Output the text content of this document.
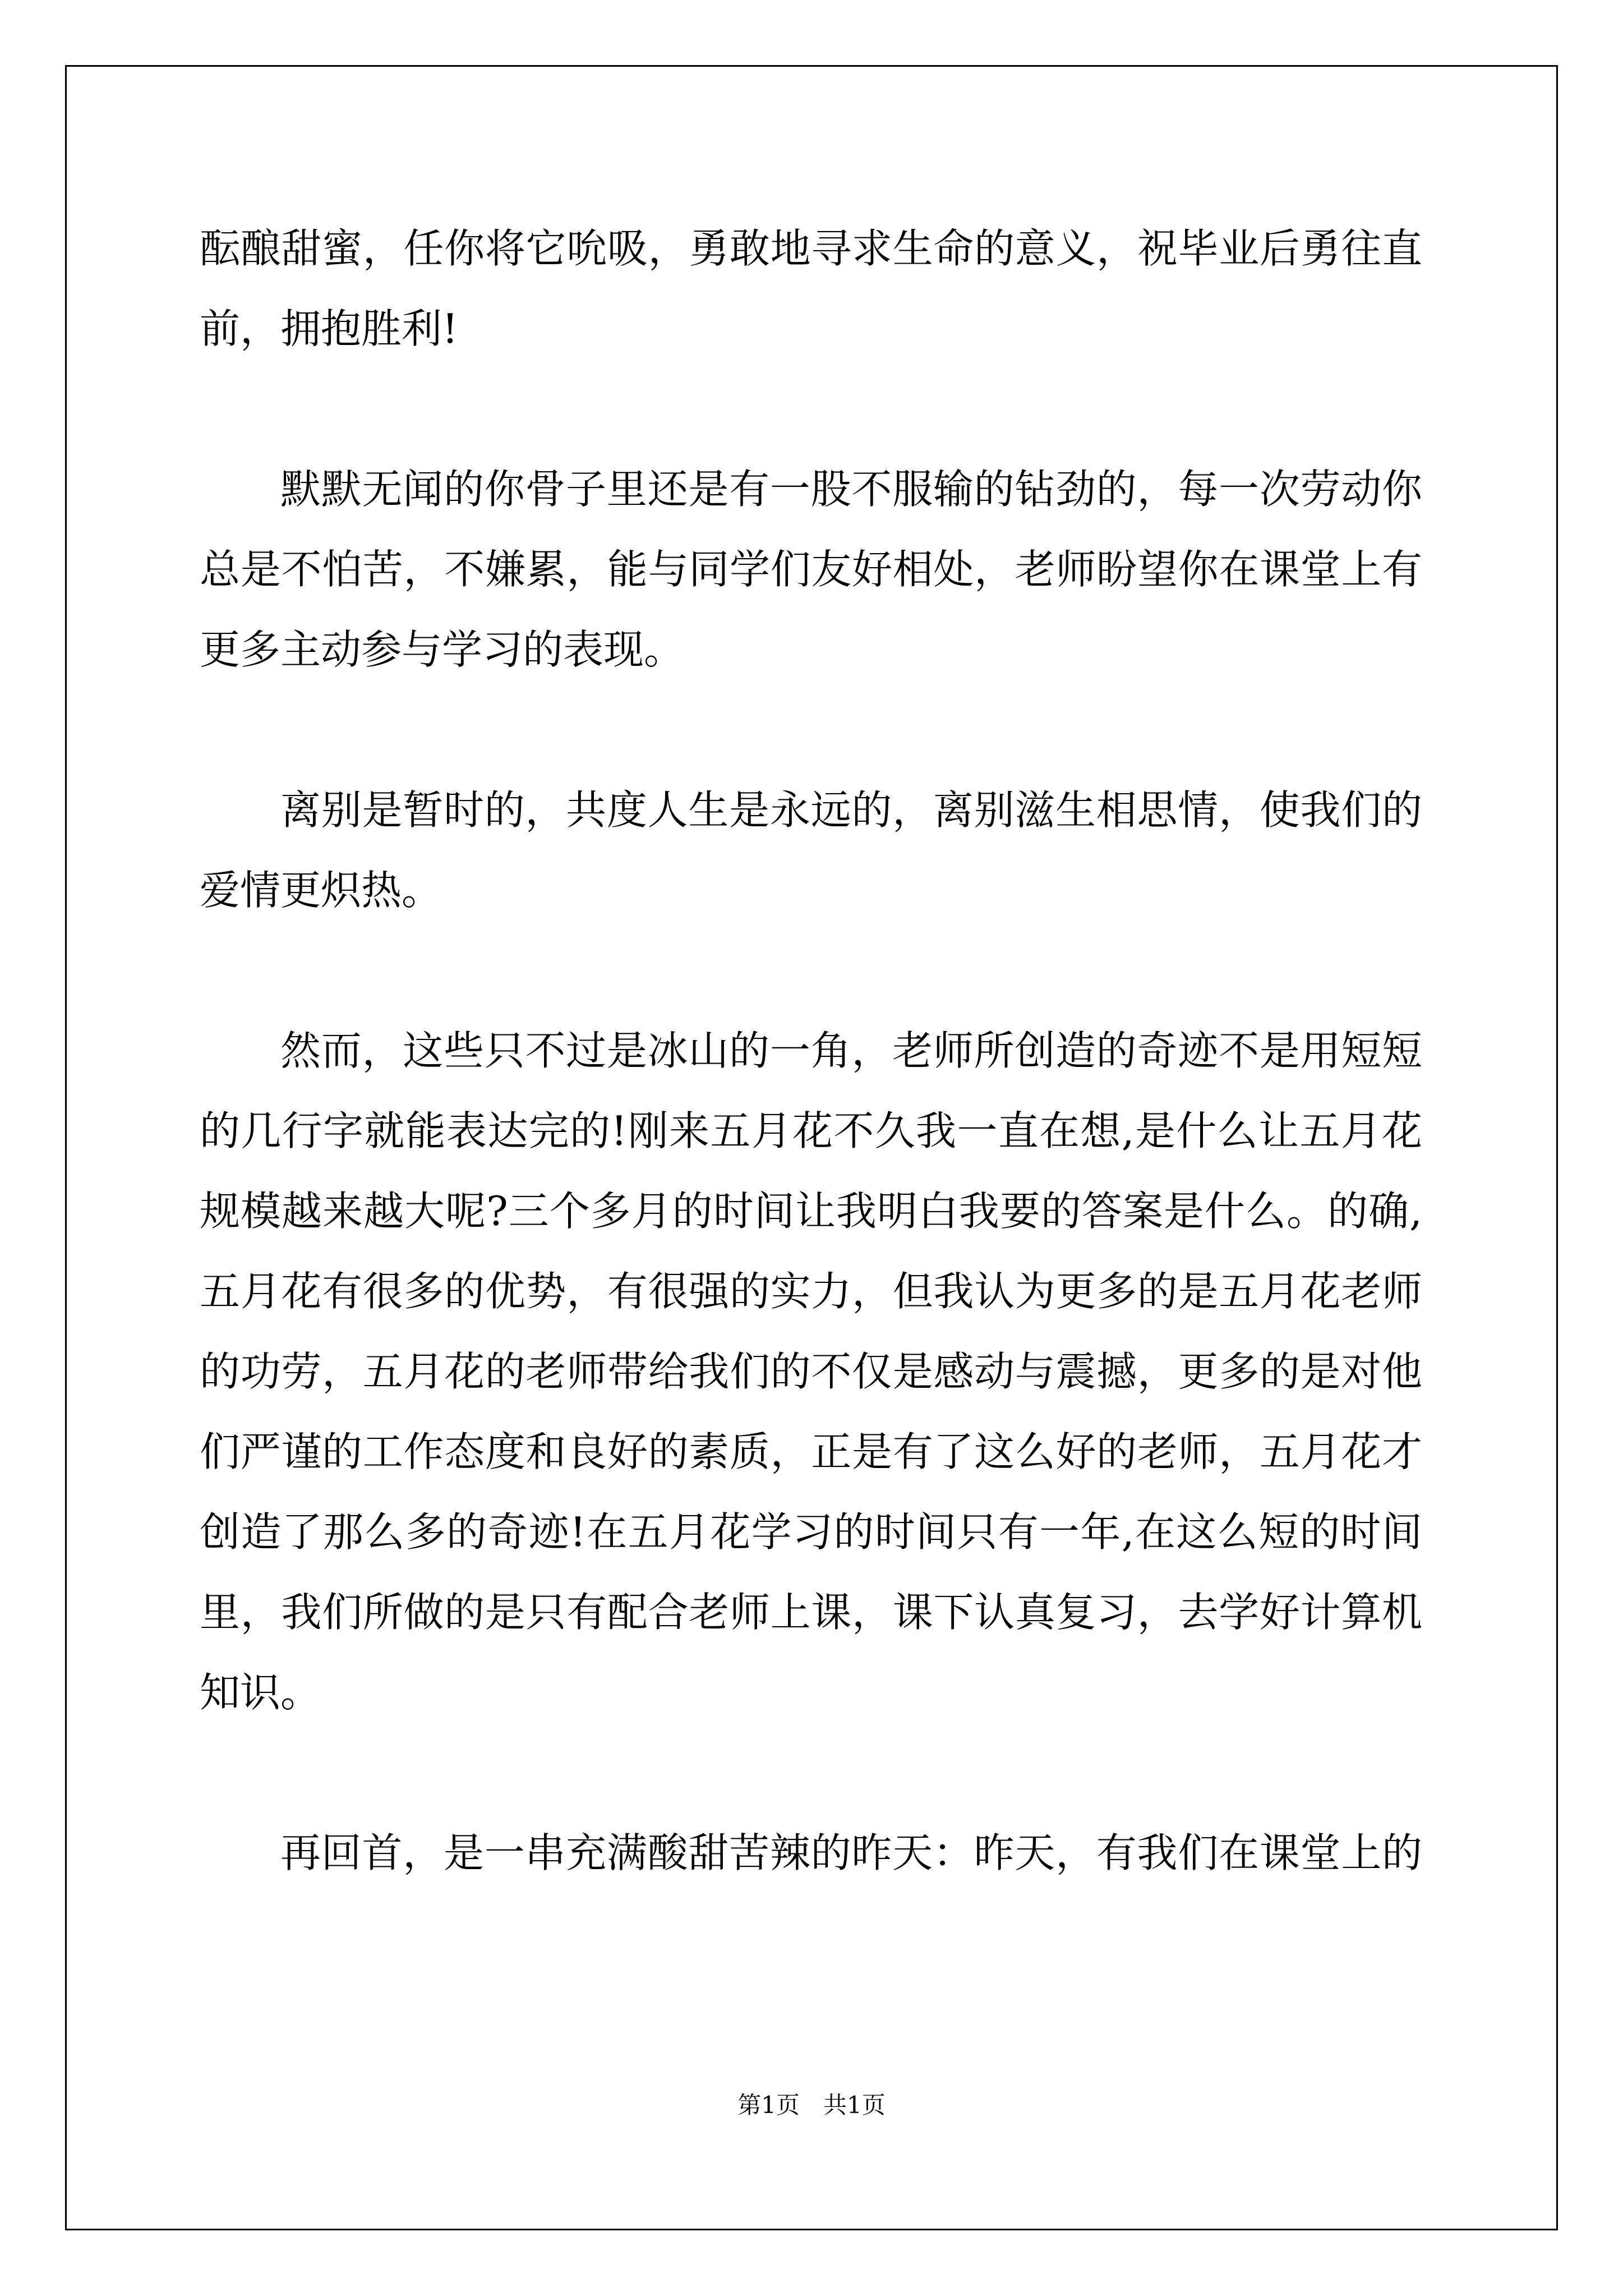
酝酿甜蜜，任你将它吮吸，勇敢地寻求生命的意义，祝毕业后勇往直
前，拥抱胜利!
默默无闻的你骨子里还是有一股不服输的钻劲的，每一次劳动你
总是不怕苦，不嫌累，能与同学们友好相处，老师盼望你在课堂上有
更多主动参与学习的表现。
离别是暂时的，共度人生是永远的，离别滋生相思情，使我们的
爱情更炽热。
然而，这些只不过是冰山的一角，老师所创造的奇迹不是用短短
的几行字就能表达完的!刚来五月花不久我一直在想,是什么让五月花
规模越来越大呢?三个多月的时间让我明白我要的答案是什么。的确,
五月花有很多的优势，有很强的实力，但我认为更多的是五月花老师
的功劳，五月花的老师带给我们的不仅是感动与震撼，更多的是对他
们严谨的工作态度和良好的素质，正是有了这么好的老师，五月花才
创造了那么多的奇迹!在五月花学习的时间只有一年,在这么短的时间
里，我们所做的是只有配合老师上课，课下认真复习，去学好计算机
知识。
再回首，是一串充满酸甜苦辣的昨天：昨天，有我们在课堂上的
第1页　共1页
